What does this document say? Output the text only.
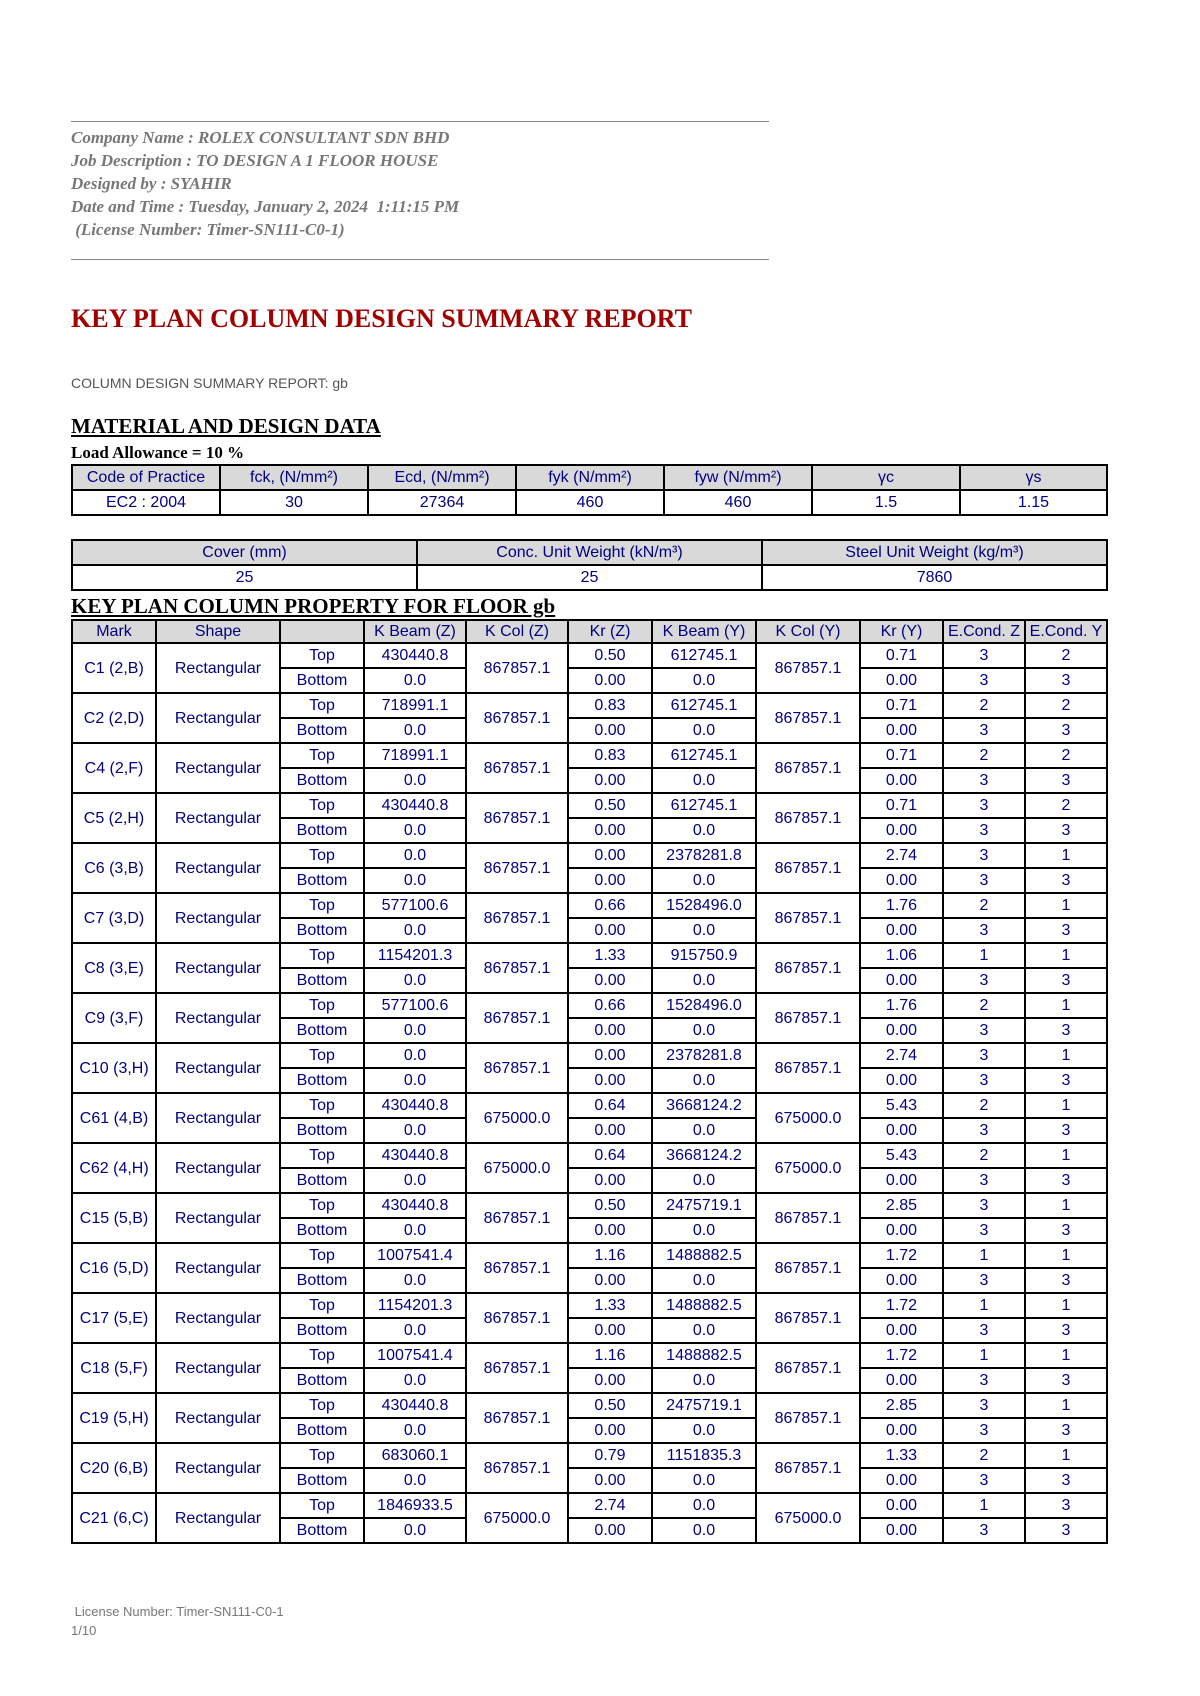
Company Name : ROLEX CONSULTANT SDN BHD
Job Description : TO DESIGN A 1 FLOOR HOUSE
Designed by : SYAHIR
Date and Time : Tuesday, January 2, 2024  1:11:15 PM
(License Number: Timer-SN111-C0-1)
KEY PLAN COLUMN DESIGN SUMMARY REPORT
COLUMN DESIGN SUMMARY REPORT: gb
MATERIAL AND DESIGN DATA
Load Allowance = 10 %
Code of Practice	fck, (N/mm²)	Ecd, (N/mm²)	fyk (N/mm²)	fyw (N/mm²)	γc	γs
EC2 : 2004	30	27364	460	460	1.5	1.15
Cover (mm)	Conc. Unit Weight (kN/m³)	Steel Unit Weight (kg/m³)
25	25	7860
KEY PLAN COLUMN PROPERTY FOR FLOOR gb
Mark	Shape		K Beam (Z)	K Col (Z)	Kr (Z)	K Beam (Y)	K Col (Y)	Kr (Y)	E.Cond. Z	E.Cond. Y
C1 (2,B)	Rectangular	Top	430440.8	867857.1	0.50	612745.1	867857.1	0.71	3	2
		Bottom	0.0		0.00	0.0		0.00	3	3
C2 (2,D)	Rectangular	Top	718991.1	867857.1	0.83	612745.1	867857.1	0.71	2	2
		Bottom	0.0		0.00	0.0		0.00	3	3
C4 (2,F)	Rectangular	Top	718991.1	867857.1	0.83	612745.1	867857.1	0.71	2	2
		Bottom	0.0		0.00	0.0		0.00	3	3
C5 (2,H)	Rectangular	Top	430440.8	867857.1	0.50	612745.1	867857.1	0.71	3	2
		Bottom	0.0		0.00	0.0		0.00	3	3
C6 (3,B)	Rectangular	Top	0.0	867857.1	0.00	2378281.8	867857.1	2.74	3	1
		Bottom	0.0		0.00	0.0		0.00	3	3
C7 (3,D)	Rectangular	Top	577100.6	867857.1	0.66	1528496.0	867857.1	1.76	2	1
		Bottom	0.0		0.00	0.0		0.00	3	3
C8 (3,E)	Rectangular	Top	1154201.3	867857.1	1.33	915750.9	867857.1	1.06	1	1
		Bottom	0.0		0.00	0.0		0.00	3	3
C9 (3,F)	Rectangular	Top	577100.6	867857.1	0.66	1528496.0	867857.1	1.76	2	1
		Bottom	0.0		0.00	0.0		0.00	3	3
C10 (3,H)	Rectangular	Top	0.0	867857.1	0.00	2378281.8	867857.1	2.74	3	1
		Bottom	0.0		0.00	0.0		0.00	3	3
C61 (4,B)	Rectangular	Top	430440.8	675000.0	0.64	3668124.2	675000.0	5.43	2	1
		Bottom	0.0		0.00	0.0		0.00	3	3
C62 (4,H)	Rectangular	Top	430440.8	675000.0	0.64	3668124.2	675000.0	5.43	2	1
		Bottom	0.0		0.00	0.0		0.00	3	3
C15 (5,B)	Rectangular	Top	430440.8	867857.1	0.50	2475719.1	867857.1	2.85	3	1
		Bottom	0.0		0.00	0.0		0.00	3	3
C16 (5,D)	Rectangular	Top	1007541.4	867857.1	1.16	1488882.5	867857.1	1.72	1	1
		Bottom	0.0		0.00	0.0		0.00	3	3
C17 (5,E)	Rectangular	Top	1154201.3	867857.1	1.33	1488882.5	867857.1	1.72	1	1
		Bottom	0.0		0.00	0.0		0.00	3	3
C18 (5,F)	Rectangular	Top	1007541.4	867857.1	1.16	1488882.5	867857.1	1.72	1	1
		Bottom	0.0		0.00	0.0		0.00	3	3
C19 (5,H)	Rectangular	Top	430440.8	867857.1	0.50	2475719.1	867857.1	2.85	3	1
		Bottom	0.0		0.00	0.0		0.00	3	3
C20 (6,B)	Rectangular	Top	683060.1	867857.1	0.79	1151835.3	867857.1	1.33	2	1
		Bottom	0.0		0.00	0.0		0.00	3	3
C21 (6,C)	Rectangular	Top	1846933.5	675000.0	2.74	0.0	675000.0	0.00	1	3
		Bottom	0.0		0.00	0.0		0.00	3	3
License Number: Timer-SN111-C0-1
1/10
